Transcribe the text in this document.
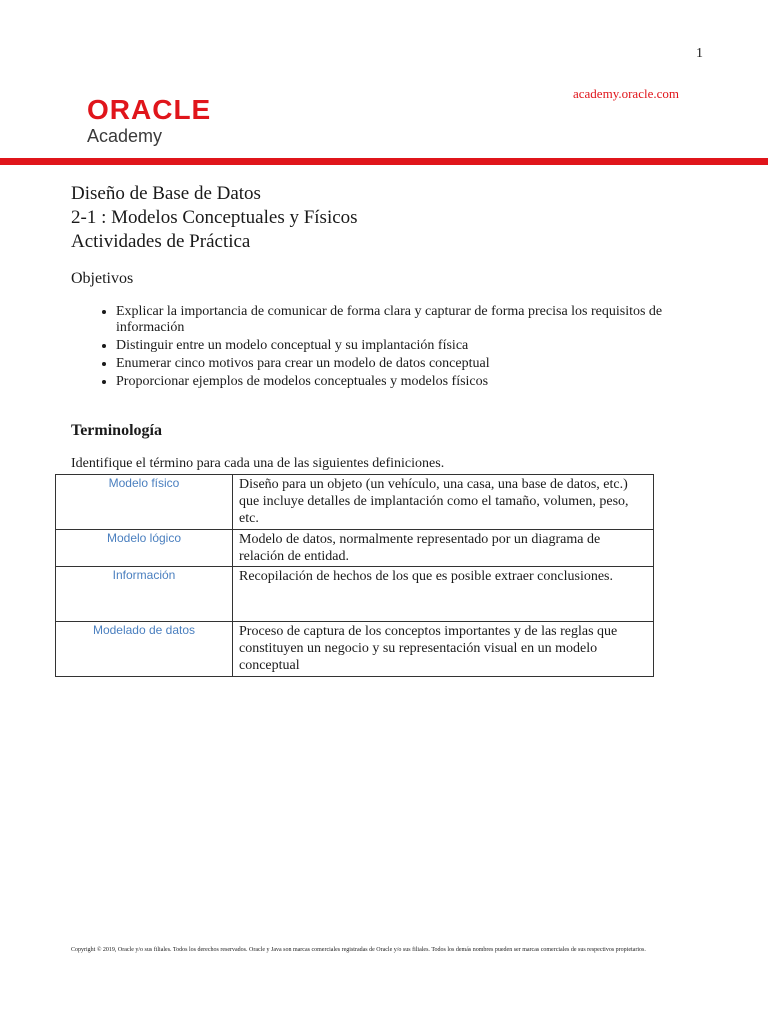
1
academy.oracle.com
ORACLE
Academy
Diseño de Base de Datos
2-1 : Modelos Conceptuales y Físicos
Actividades de Práctica
Objetivos
• Explicar la importancia de comunicar de forma clara y capturar de forma precisa los requisitos de información
• Distinguir entre un modelo conceptual y su implantación física
• Enumerar cinco motivos para crear un modelo de datos conceptual
• Proporcionar ejemplos de modelos conceptuales y modelos físicos
Terminología
Identifique el término para cada una de las siguientes definiciones.
Modelo físico	Diseño para un objeto (un vehículo, una casa, una base de datos, etc.) que incluye detalles de implantación como el tamaño, volumen, peso, etc.
Modelo lógico	Modelo de datos, normalmente representado por un diagrama de relación de entidad.
Información	Recopilación de hechos de los que es posible extraer conclusiones.
Modelado de datos	Proceso de captura de los conceptos importantes y de las reglas que constituyen un negocio y su representación visual en un modelo conceptual
Copyright © 2019, Oracle y/o sus filiales. Todos los derechos reservados. Oracle y Java son marcas comerciales registradas de Oracle y/o sus filiales. Todos los demás nombres pueden ser marcas comerciales de sus respectivos propietarios.
